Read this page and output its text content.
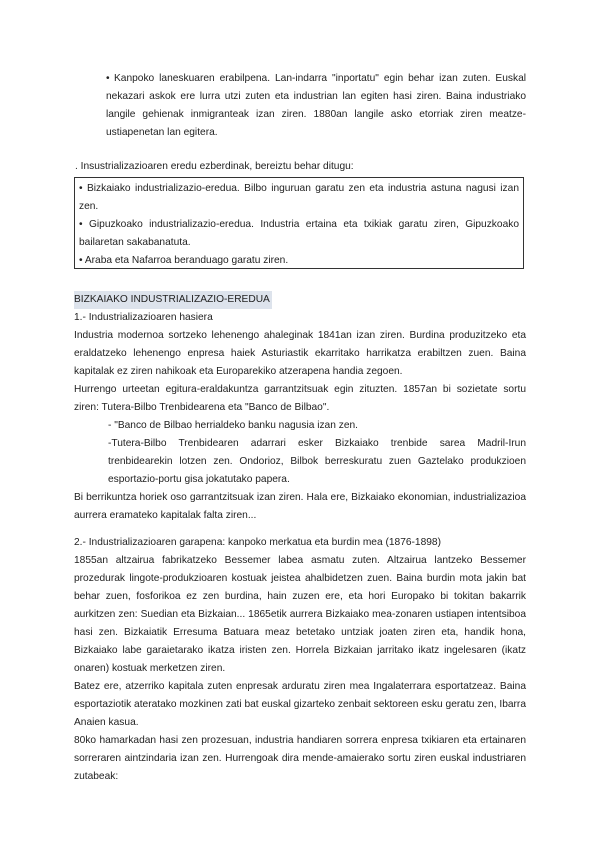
• Kanpoko laneskuaren erabilpena. Lan-indarra "inportatu" egin behar izan zuten. Euskal nekazari askok ere lurra utzi zuten eta industrian lan egiten hasi ziren. Baina industriako langile gehienak inmigranteak izan ziren. 1880an langile asko etorriak ziren meatze-ustiapenetan lan egitera.
. Insustrializazioaren eredu ezberdinak, bereiztu behar ditugu:

• Bizkaiako industrializazio-eredua. Bilbo inguruan garatu zen eta industria astuna nagusi izan zen.

• Gipuzkoako industrializazio-eredua. Industria ertaina eta txikiak garatu ziren, Gipuzkoako bailaretan sakabanatuta.

• Araba eta Nafarroa beranduago garatu ziren.

BIZKAIAKO INDUSTRIALIZAZIO-EREDUA
1.- Industrializazioaren hasiera

Industria modernoa sortzeko lehenengo ahaleginak 1841an izan ziren. Burdina produzitzeko eta eraldatzeko lehenengo enpresa haiek Asturiastik ekarritako harrikatza erabiltzen zuen. Baina kapitalak ez ziren nahikoak eta Europarekiko atzerapena handia zegoen.

Hurrengo urteetan egitura-eraldakuntza garrantzitsuak egin zituzten. 1857an bi sozietate sortu ziren: Tutera-Bilbo Trenbidearena eta "Banco de Bilbao".

- "Banco de Bilbao herrialdeko banku nagusia izan zen.

-Tutera-Bilbo Trenbidearen adarrari esker Bizkaiako trenbide sarea Madril-Irun trenbidearekin lotzen zen. Ondorioz, Bilbok berreskuratu zuen Gaztelako produkzioen esportazio-portu gisa jokatutako papera.

Bi berrikuntza horiek oso garrantzitsuak izan ziren. Hala ere, Bizkaiako ekonomian, industrializazioa aurrera eramateko kapitalak falta ziren...

2.- Industrializazioaren garapena: kanpoko merkatua eta burdin mea (1876-1898)

1855an altzairua fabrikatzeko Bessemer labea asmatu zuten. Altzairua lantzeko Bessemer prozedurak lingote-produkzioaren kostuak jeistea ahalbidetzen zuen. Baina burdin mota jakin bat behar zuen, fosforikoa ez zen burdina, hain zuzen ere, eta hori Europako bi tokitan bakarrik aurkitzen zen: Suedian eta Bizkaian... 1865etik aurrera Bizkaiako mea-zonaren ustiapen intentsiboa hasi zen. Bizkaiatik Erresuma Batuara meaz betetako untziak joaten ziren eta, handik hona, Bizkaiako labe garaietarako ikatza iristen zen. Horrela Bizkaian jarritako ikatz ingelesaren (ikatz onaren) kostuak merketzen ziren.

Batez ere, atzerriko kapitala zuten enpresak arduratu ziren mea Ingalaterrara esportatzeaz. Baina esportaziotik ateratako mozkinen zati bat euskal gizarteko zenbait sektoreen esku geratu zen, Ibarra Anaien kasua.

80ko hamarkadan hasi zen prozesuan, industria handiaren sorrera enpresa txikiaren eta ertainaren sorreraren aintzindaria izan zen. Hurrengoak dira mende-amaierako sortu ziren euskal industriaren zutabeak:
